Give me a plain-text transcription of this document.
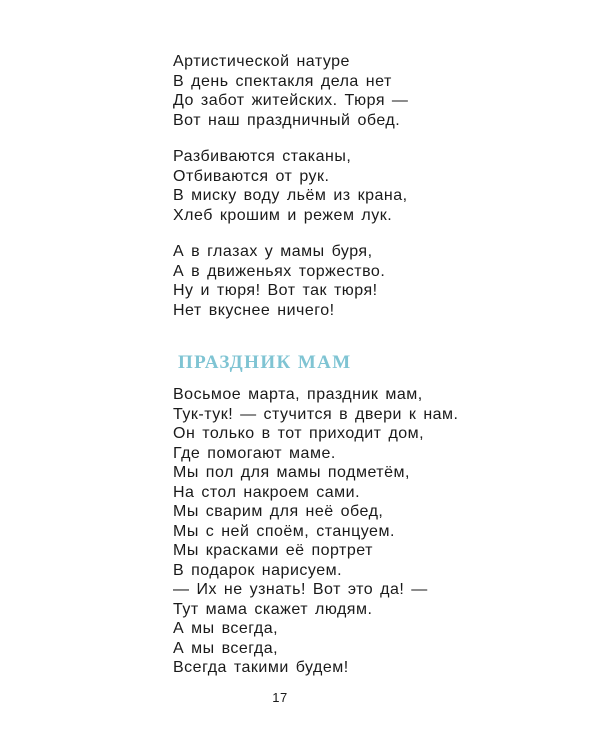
Артистической натуре
В день спектакля дела нет
До забот житейских. Тюря —
Вот наш праздничный обед.
Разбиваются стаканы,
Отбиваются от рук.
В миску воду льём из крана,
Хлеб крошим и режем лук.
А в глазах у мамы буря,
А в движеньях торжество.
Ну и тюря! Вот так тюря!
Нет вкуснее ничего!
ПРАЗДНИК МАМ
Восьмое марта, праздник мам,
Тук-тук! — стучится в двери к нам.
Он только в тот приходит дом,
Где помогают маме.
Мы пол для мамы подметём,
На стол накроем сами.
Мы сварим для неё обед,
Мы с ней споём, станцуем.
Мы красками её портрет
В подарок нарисуем.
— Их не узнать! Вот это да! —
Тут мама скажет людям.
А мы всегда,
А мы всегда,
Всегда такими будем!
17
